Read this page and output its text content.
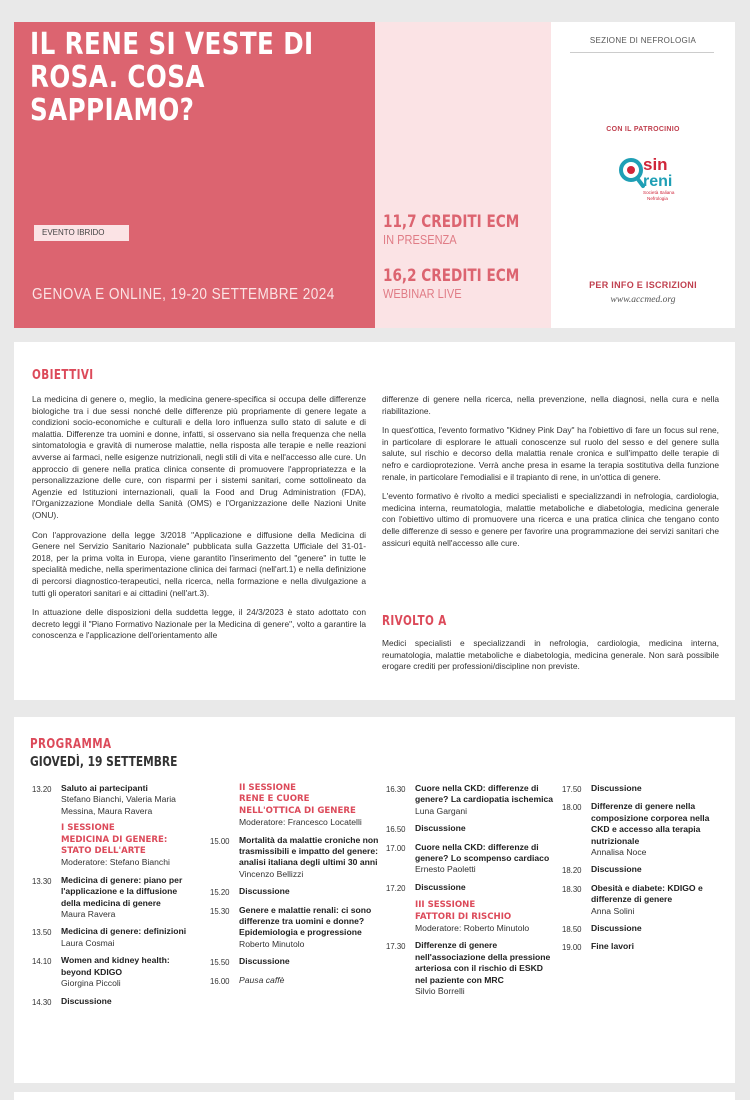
IL RENE SI VESTE DI
ROSA. COSA SAPPIAMO?
EVENTO IBRIDO
GENOVA E ONLINE, 19-20 SETTEMBRE 2024
11,7 CREDITI ECM
IN PRESENZA
16,2 CREDITI ECM
WEBINAR LIVE
SEZIONE DI NEFROLOGIA
CON IL PATROCINIO
sin
reni
Società Italiana
Nefrologia
PER INFO E ISCRIZIONI
www.accmed.org
OBIETTIVI

La medicina di genere o, meglio, la medicina genere-specifica si occupa delle differenze biologiche tra i due sessi nonché delle differenze più propriamente di genere legate a condizioni socio-economiche e culturali e della loro influenza sullo stato di salute e di malattia. Differenze tra uomini e donne, infatti, si osservano sia nella frequenza che nella sintomatologia e gravità di numerose malattie, nella risposta alle terapie e nelle reazioni avverse ai farmaci, nelle esigenze nutrizionali, negli stili di vita e nell'accesso alle cure. Un approccio di genere nella pratica clinica consente di promuovere l'appropriatezza e la personalizzazione delle cure, con risparmi per i sistemi sanitari, come sottolineato da Agenzie ed Istituzioni internazionali, quali la Food and Drug Administration (FDA), l'Organizzazione Mondiale della Sanità (OMS) e l'Organizzazione delle Nazioni Unite (ONU).

Con l'approvazione della legge 3/2018 "Applicazione e diffusione della Medicina di Genere nel Servizio Sanitario Nazionale" pubblicata sulla Gazzetta Ufficiale del 31-01-2018, per la prima volta in Europa, viene garantito l'inserimento del "genere" in tutte le specialità mediche, nella sperimentazione clinica dei farmaci (nell'art.1) e nella definizione di percorsi diagnostico-terapeutici, nella ricerca, nella formazione e nella divulgazione a tutti gli operatori sanitari e ai cittadini (nell'art.3).

In attuazione delle disposizioni della suddetta legge, il 24/3/2023 è stato adottato con decreto leggi il "Piano Formativo Nazionale per la Medicina di genere", volto a garantire la conoscenza e l'applicazione dell'orientamento alle

differenze di genere nella ricerca, nella prevenzione, nella diagnosi, nella cura e nella riabilitazione.

In quest'ottica, l'evento formativo "Kidney Pink Day" ha l'obiettivo di fare un focus sul rene, in particolare di esplorare le attuali conoscenze sul ruolo del sesso e del genere sulla salute, sul rischio e decorso della malattia renale cronica e sull'impatto delle terapie di nefro e cardioprotezione. Verrà anche presa in esame la terapia sostitutiva della funzione renale, in particolare l'emodialisi e il trapianto di rene, in un'ottica di genere.

L'evento formativo è rivolto a medici specialisti e specializzandi in nefrologia, cardiologia, medicina interna, reumatologia, malattie metaboliche e diabetologia, medicina generale con l'obiettivo ultimo di promuovere una ricerca e una pratica clinica che tengano conto delle differenze di sesso e genere per favorire una programmazione dei servizi sanitari che assicuri equità nell'accesso alle cure.

RIVOLTO A

Medici specialisti e specializzandi in nefrologia, cardiologia, medicina interna, reumatologia, malattie metaboliche e diabetologia, medicina generale. Non sarà possibile erogare crediti per professioni/discipline non previste.

PROGRAMMA
GIOVEDÌ, 19 SETTEMBRE
13.20	Saluto ai partecipanti
Stefano Bianchi, Valeria Maria Messina, Maura Ravera
I SESSIONE
MEDICINA DI GENERE:
STATO DELL'ARTE
Moderatore: Stefano Bianchi
13.30	Medicina di genere: piano per l'applicazione e la diffusione della medicina di genere
Maura Ravera
13.50	Medicina di genere: definizioni
Laura Cosmai
14.10	Women and kidney health: beyond KDIGO
Giorgina Piccoli
14.30	Discussione
II SESSIONE
RENE E CUORE
NELL'OTTICA DI GENERE
Moderatore: Francesco Locatelli
15.00	Mortalità da malattie croniche non trasmissibili e impatto del genere: analisi italiana degli ultimi 30 anni
Vincenzo Bellizzi
15.20	Discussione
15.30	Genere e malattie renali: ci sono differenze tra uomini e donne? Epidemiologia e progressione
Roberto Minutolo
15.50	Discussione
16.00	Pausa caffè
16.30	Cuore nella CKD: differenze di genere? La cardiopatia ischemica
Luna Gargani
16.50	Discussione
17.00	Cuore nella CKD: differenze di genere? Lo scompenso cardiaco
Ernesto Paoletti
17.20	Discussione
III SESSIONE
FATTORI DI RISCHIO
Moderatore: Roberto Minutolo
17.30	Differenze di genere nell'associazione della pressione arteriosa con il rischio di ESKD nel paziente con MRC
Silvio Borrelli
17.50	Discussione
18.00	Differenze di genere nella composizione corporea nella CKD e accesso alla terapia nutrizionale
Annalisa Noce
18.20	Discussione
18.30	Obesità e diabete: KDIGO e differenze di genere
Anna Solini
18.50	Discussione
19.00	Fine lavori
